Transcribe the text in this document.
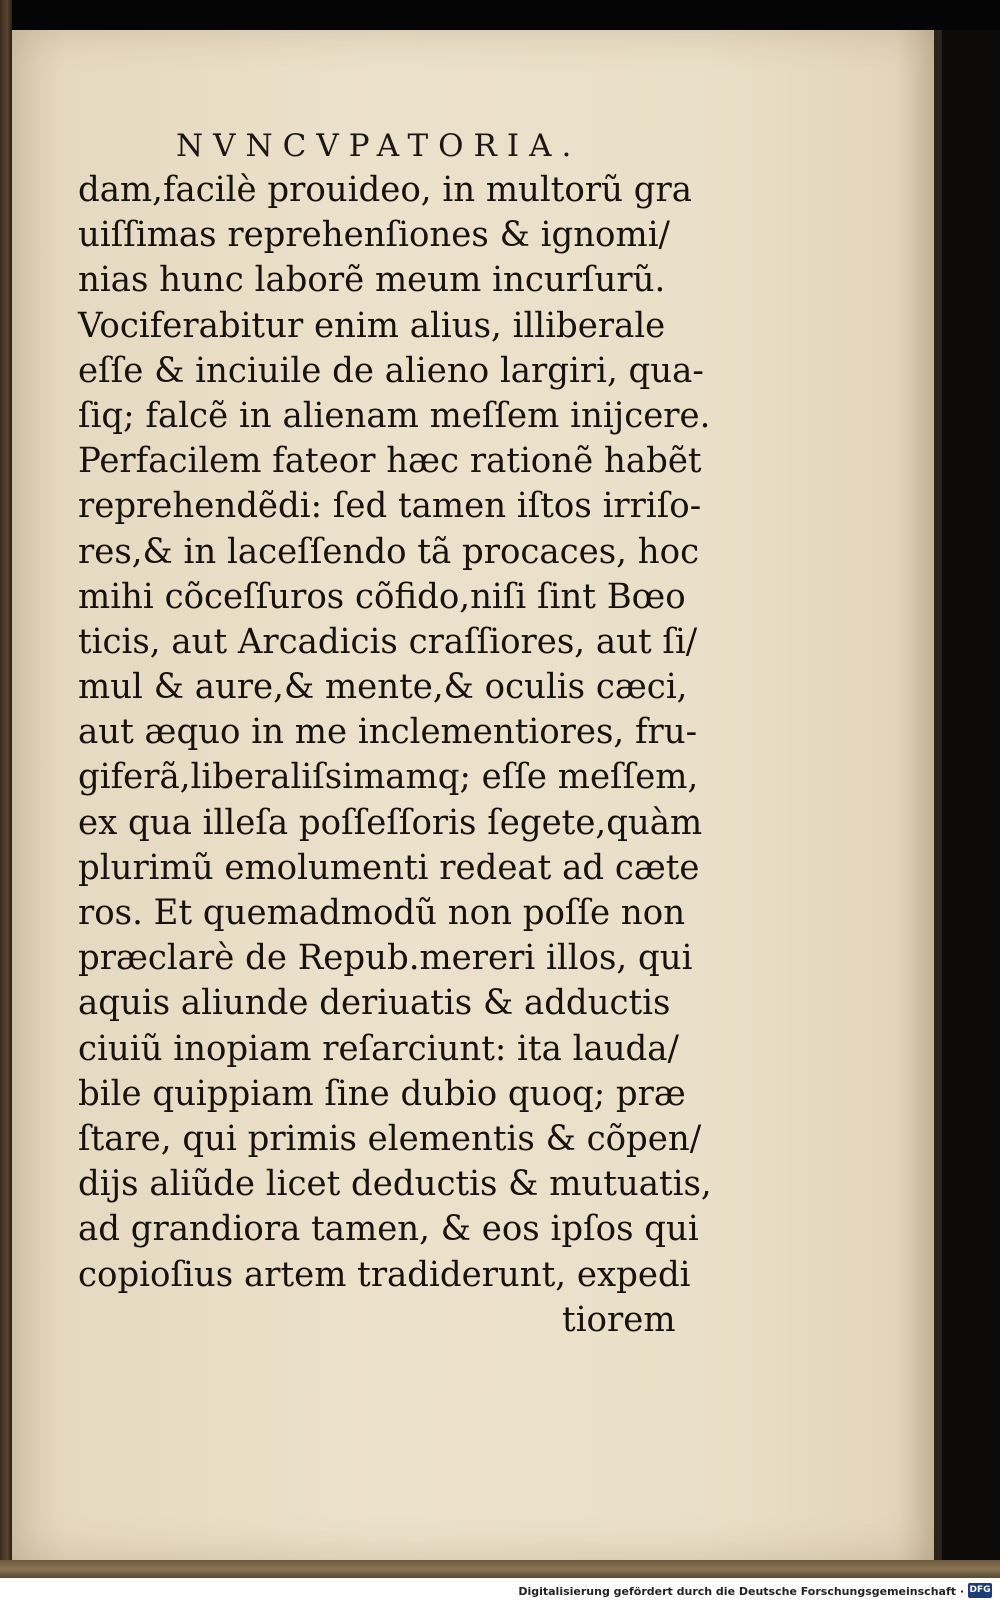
NVNCVPATORIA.
dam,facilè prouideo, in multorũ gra
uiſſimas reprehenſiones & ignomi/
nias hunc laborẽ meum incurſurũ.
Vociferabitur enim alius, illiberale
eſſe & inciuile de alieno largiri, qua-
ſiq; falcẽ in alienam meſſem inijcere.
Perfacilem fateor hæc rationẽ habẽt
reprehendẽdi: ſed tamen iſtos irriſo-
res,& in laceſſendo tã procaces, hoc
mihi cõceſſuros cõfido,niſi ſint Bœo
ticis, aut Arcadicis craſſiores, aut ſi/
mul & aure,& mente,& oculis cæci,
aut æquo in me inclementiores, fru-
giferã,liberaliſsimamq; eſſe meſſem,
ex qua illeſa poſſeſſoris ſegete,quàm
plurimũ emolumenti redeat ad cæte
ros. Et quemadmodũ non poſſe non
præclarè de Repub.mereri illos, qui
aquis aliunde deriuatis & adductis
ciuiũ inopiam reſarciunt: ita lauda/
bile quippiam ſine dubio quoq; præ
ſtare, qui primis elementis & cõpen/
dijs aliũde licet deductis & mutuatis,
ad grandiora tamen, & eos ipſos qui
copioſius artem tradiderunt, expedi
tiorem
Digitalisierung gefördert durch die Deutsche Forschungsgemeinschaft · DFG
